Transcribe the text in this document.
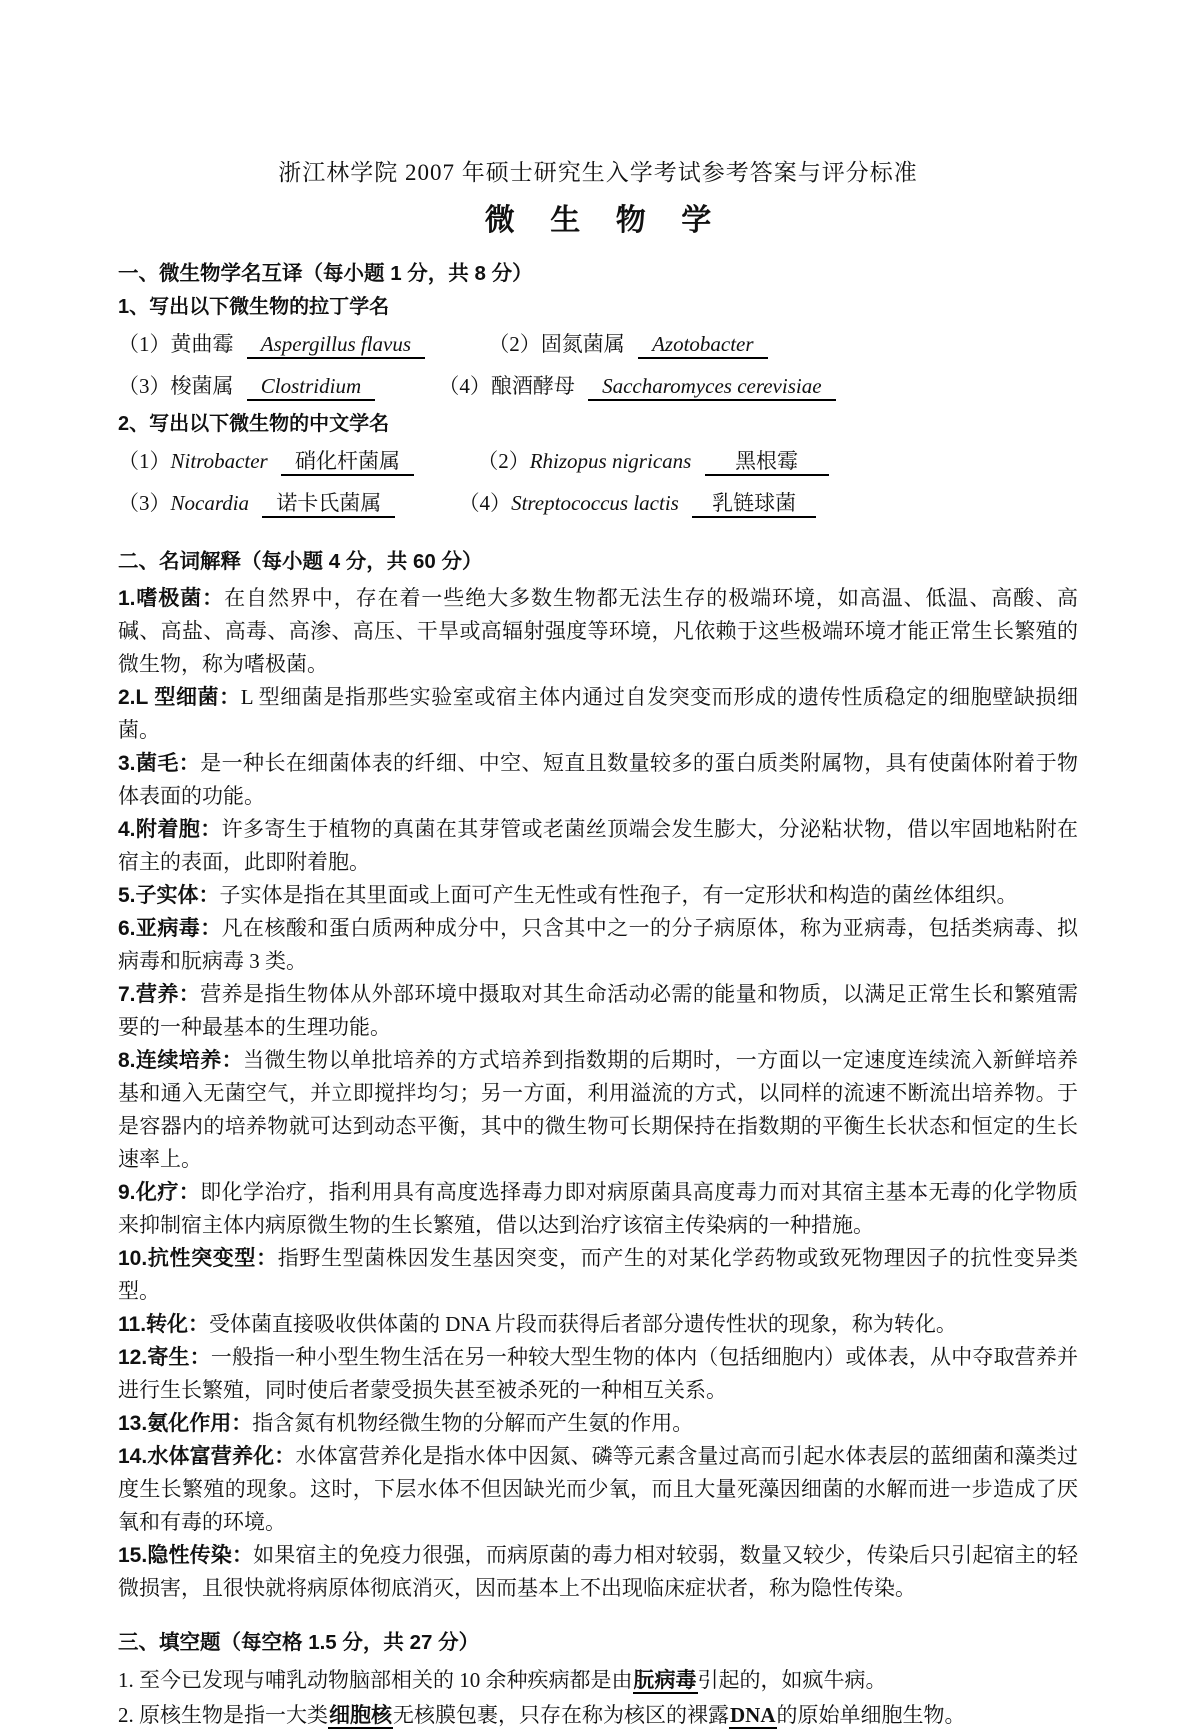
浙江林学院 2007 年硕士研究生入学考试参考答案与评分标准

微 生 物 学

一、微生物学名互译（每小题 1 分，共 8 分）

1、写出以下微生物的拉丁学名

（1）黄曲霉 Aspergillus flavus	（2）固氮菌属 Azotobacter
（3）梭菌属 Clostridium	（4）酿酒酵母 Saccharomyces cerevisiae

2、写出以下微生物的中文学名

（1）Nitrobacter 硝化杆菌属	（2）Rhizopus nigricans 黑根霉
（3）Nocardia 诺卡氏菌属	（4）Streptococcus lactis 乳链球菌

二、名词解释（每小题 4 分，共 60 分）

1.嗜极菌：在自然界中，存在着一些绝大多数生物都无法生存的极端环境，如高温、低温、高酸、高碱、高盐、高毒、高渗、高压、干旱或高辐射强度等环境，凡依赖于这些极端环境才能正常生长繁殖的微生物，称为嗜极菌。

2.L 型细菌：L 型细菌是指那些实验室或宿主体内通过自发突变而形成的遗传性质稳定的细胞壁缺损细菌。

3.菌毛：是一种长在细菌体表的纤细、中空、短直且数量较多的蛋白质类附属物，具有使菌体附着于物体表面的功能。

4.附着胞：许多寄生于植物的真菌在其芽管或老菌丝顶端会发生膨大，分泌粘状物，借以牢固地粘附在宿主的表面，此即附着胞。

5.子实体：子实体是指在其里面或上面可产生无性或有性孢子，有一定形状和构造的菌丝体组织。

6.亚病毒：凡在核酸和蛋白质两种成分中，只含其中之一的分子病原体，称为亚病毒，包括类病毒、拟病毒和朊病毒 3 类。

7.营养：营养是指生物体从外部环境中摄取对其生命活动必需的能量和物质，以满足正常生长和繁殖需要的一种最基本的生理功能。

8.连续培养：当微生物以单批培养的方式培养到指数期的后期时，一方面以一定速度连续流入新鲜培养基和通入无菌空气，并立即搅拌均匀；另一方面，利用溢流的方式，以同样的流速不断流出培养物。于是容器内的培养物就可达到动态平衡，其中的微生物可长期保持在指数期的平衡生长状态和恒定的生长速率上。

9.化疗：即化学治疗，指利用具有高度选择毒力即对病原菌具高度毒力而对其宿主基本无毒的化学物质来抑制宿主体内病原微生物的生长繁殖，借以达到治疗该宿主传染病的一种措施。

10.抗性突变型：指野生型菌株因发生基因突变，而产生的对某化学药物或致死物理因子的抗性变异类型。

11.转化：受体菌直接吸收供体菌的 DNA 片段而获得后者部分遗传性状的现象，称为转化。

12.寄生：一般指一种小型生物生活在另一种较大型生物的体内（包括细胞内）或体表，从中夺取营养并进行生长繁殖，同时使后者蒙受损失甚至被杀死的一种相互关系。

13.氨化作用：指含氮有机物经微生物的分解而产生氨的作用。

14.水体富营养化：水体富营养化是指水体中因氮、磷等元素含量过高而引起水体表层的蓝细菌和藻类过度生长繁殖的现象。这时，下层水体不但因缺光而少氧，而且大量死藻因细菌的水解而进一步造成了厌氧和有毒的环境。

15.隐性传染：如果宿主的免疫力很强，而病原菌的毒力相对较弱，数量又较少，传染后只引起宿主的轻微损害，且很快就将病原体彻底消灭，因而基本上不出现临床症状者，称为隐性传染。

三、填空题（每空格 1.5 分，共 27 分）

1. 至今已发现与哺乳动物脑部相关的 10 余种疾病都是由朊病毒引起的，如疯牛病。

2. 原核生物是指一大类细胞核无核膜包裹，只存在称为核区的裸露DNA的原始单细胞生物。
